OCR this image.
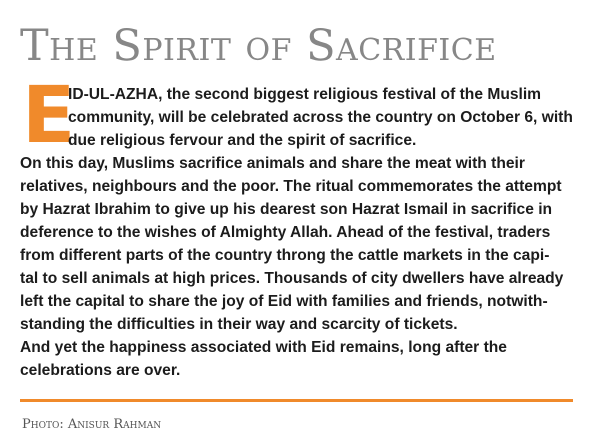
The Spirit of Sacrifice
E
ID-UL-AZHA, the second biggest religious festival of the Muslim
community, will be celebrated across the country on October 6, with
due religious fervour and the spirit of sacrifice.
On this day, Muslims sacrifice animals and share the meat with their
relatives, neighbours and the poor. The ritual commemorates the attempt
by Hazrat Ibrahim to give up his dearest son Hazrat Ismail in sacrifice in
deference to the wishes of Almighty Allah. Ahead of the festival, traders
from different parts of the country throng the cattle markets in the capi-
tal to sell animals at high prices. Thousands of city dwellers have already
left the capital to share the joy of Eid with families and friends, notwith-
standing the difficulties in their way and scarcity of tickets.
And yet the happiness associated with Eid remains, long after the
celebrations are over.
Photo: Anisur Rahman
